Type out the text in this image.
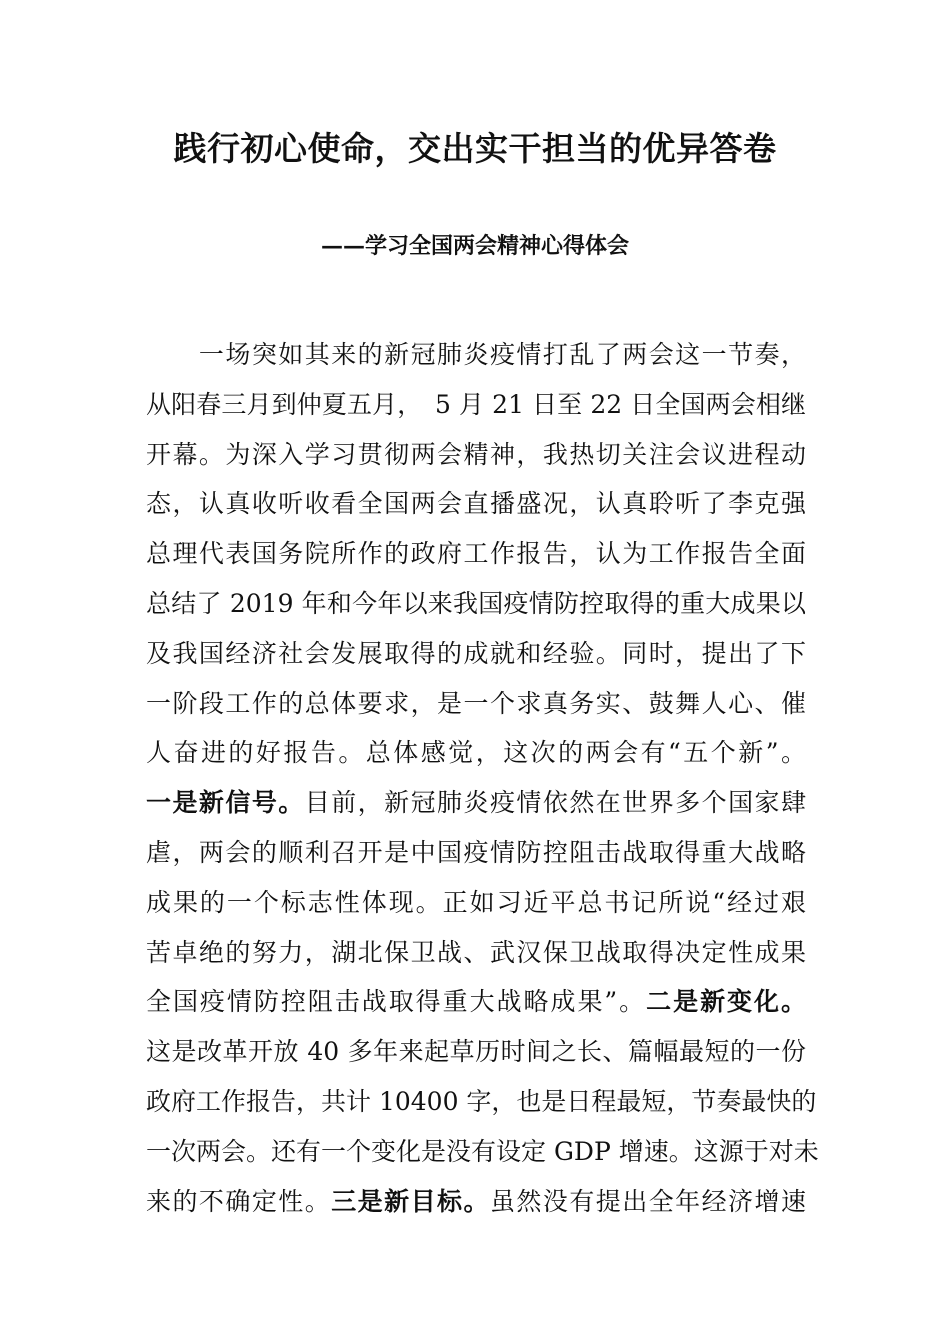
践行初心使命，交出实干担当的优异答卷
——学习全国两会精神心得体会
　　一场突如其来的新冠肺炎疫情打乱了两会这一节奏，
从阳春三月到仲夏五月，　5 月 21 日至 22 日全国两会相继
开幕。为深入学习贯彻两会精神，我热切关注会议进程动
态，认真收听收看全国两会直播盛况，认真聆听了李克强
总理代表国务院所作的政府工作报告，认为工作报告全面
总结了 2019 年和今年以来我国疫情防控取得的重大成果以
及我国经济社会发展取得的成就和经验。同时，提出了下
一阶段工作的总体要求，是一个求真务实、鼓舞人心、催
人奋进的好报告。总体感觉，这次的两会有“五个新”。
一是新信号。目前，新冠肺炎疫情依然在世界多个国家肆
虐，两会的顺利召开是中国疫情防控阻击战取得重大战略
成果的一个标志性体现。正如习近平总书记所说“经过艰
苦卓绝的努力，湖北保卫战、武汉保卫战取得决定性成果
全国疫情防控阻击战取得重大战略成果”。二是新变化。
这是改革开放 40 多年来起草历时间之长、篇幅最短的一份
政府工作报告，共计 10400 字，也是日程最短，节奏最快的
一次两会。还有一个变化是没有设定 GDP 增速。这源于对未
来的不确定性。三是新目标。虽然没有提出全年经济增速
